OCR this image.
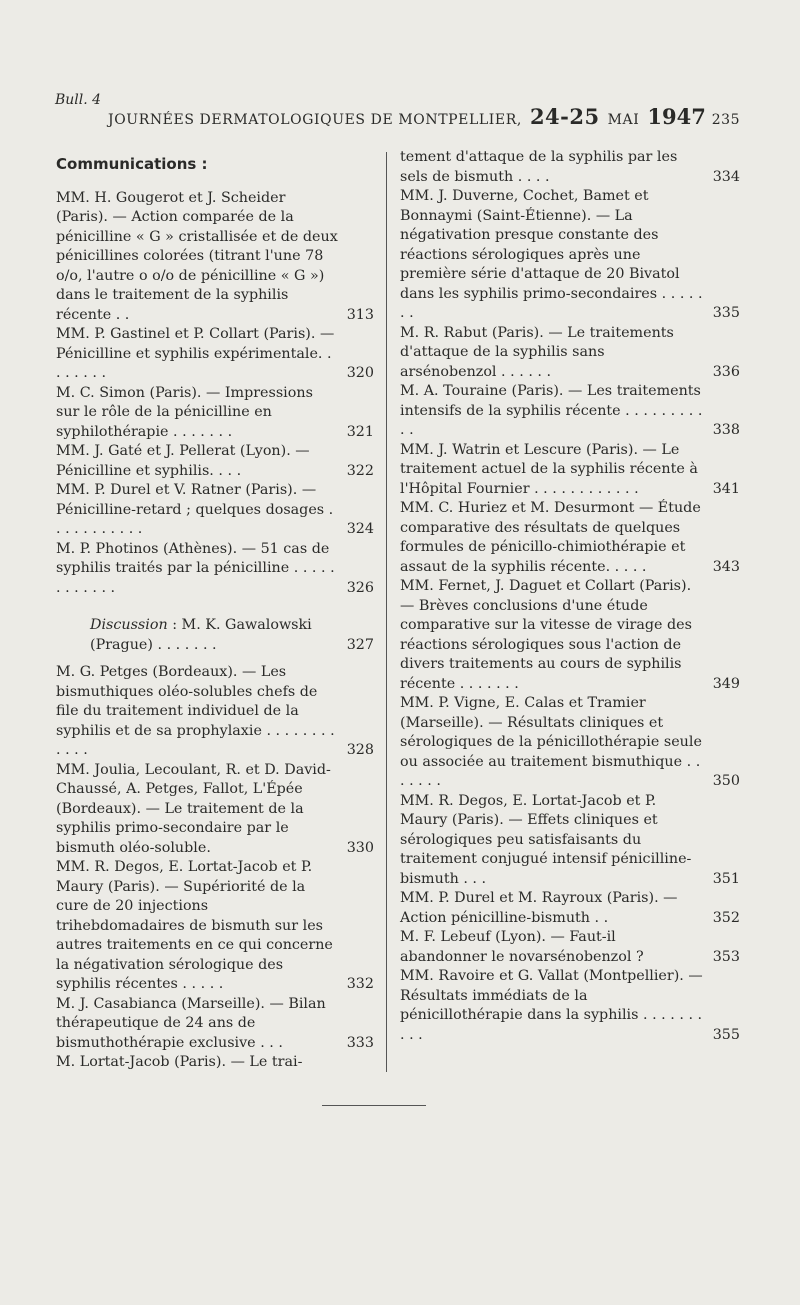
Bull. 4
JOURNÉES DERMATOLOGIQUES DE MONTPELLIER, 24-25 MAI 1947 235
Communications :
MM. H. Gougerot et J. Scheider (Paris). — Action comparée de la pénicilline « G » cristallisée et de deux pénicillines colorées (titrant l'une 78 o/o, l'autre o o/o de pénicilline « G ») dans le traitement de la syphilis récente . .	313
MM. P. Gastinel et P. Collart (Paris). — Pénicilline et syphilis expérimentale. . . . . . . .	320
M. C. Simon (Paris). — Impressions sur le rôle de la pénicilline en syphilothérapie . . . . . . .	321
MM. J. Gaté et J. Pellerat (Lyon). — Pénicilline et syphilis. . . .	322
MM. P. Durel et V. Ratner (Paris). — Pénicilline-retard ; quelques dosages . . . . . . . . . . .	324
M. P. Photinos (Athènes). — 51 cas de syphilis traités par la pénicilline . . . . . . . . . . . .	326
Discussion : M. K. Gawalowski (Prague) . . . . . . .	327
M. G. Petges (Bordeaux). — Les bismuthiques oléo-solubles chefs de file du traitement individuel de la syphilis et de sa prophylaxie . . . . . . . . . . . .	328
MM. Joulia, Lecoulant, R. et D. David-Chaussé, A. Petges, Fallot, L'Épée (Bordeaux). — Le traitement de la syphilis primo-secondaire par le bismuth oléo-soluble.	330
MM. R. Degos, E. Lortat-Jacob et P. Maury (Paris). — Supériorité de la cure de 20 injections trihebdomadaires de bismuth sur les autres traitements en ce qui concerne la négativation sérologique des syphilis récentes . . . . .	332
M. J. Casabianca (Marseille). — Bilan thérapeutique de 24 ans de bismuthothérapie exclusive . . .	333
M. Lortat-Jacob (Paris). — Le trai-
tement d'attaque de la syphilis par les sels de bismuth . . . .	334
MM. J. Duverne, Cochet, Bamet et Bonnaymi (Saint-Étienne). — La négativation presque constante des réactions sérologiques après une première série d'attaque de 20 Bivatol dans les syphilis primo-secondaires . . . . . . .	335
M. R. Rabut (Paris). — Le traitements d'attaque de la syphilis sans arsénobenzol . . . . . .	336
M. A. Touraine (Paris). — Les traitements intensifs de la syphilis récente . . . . . . . . . . .	338
MM. J. Watrin et Lescure (Paris). — Le traitement actuel de la syphilis récente à l'Hôpital Fournier . . . . . . . . . . . .	341
MM. C. Huriez et M. Desurmont — Étude comparative des résultats de quelques formules de pénicillo-chimiothérapie et assaut de la syphilis récente. . . . .	343
MM. Fernet, J. Daguet et Collart (Paris). — Brèves conclusions d'une étude comparative sur la vitesse de virage des réactions sérologiques sous l'action de divers traitements au cours de syphilis récente . . . . . . .	349
MM. P. Vigne, E. Calas et Tramier (Marseille). — Résultats cliniques et sérologiques de la pénicillothérapie seule ou associée au traitement bismuthique . . . . . . .	350
MM. R. Degos, E. Lortat-Jacob et P. Maury (Paris). — Effets cliniques et sérologiques peu satisfaisants du traitement conjugué intensif pénicilline-bismuth . . .	351
MM. P. Durel et M. Rayroux (Paris). — Action pénicilline-bismuth . .	352
M. F. Lebeuf (Lyon). — Faut-il abandonner le novarsénobenzol ?	353
MM. Ravoire et G. Vallat (Montpellier). — Résultats immédiats de la pénicillothérapie dans la syphilis . . . . . . . . . .	355
